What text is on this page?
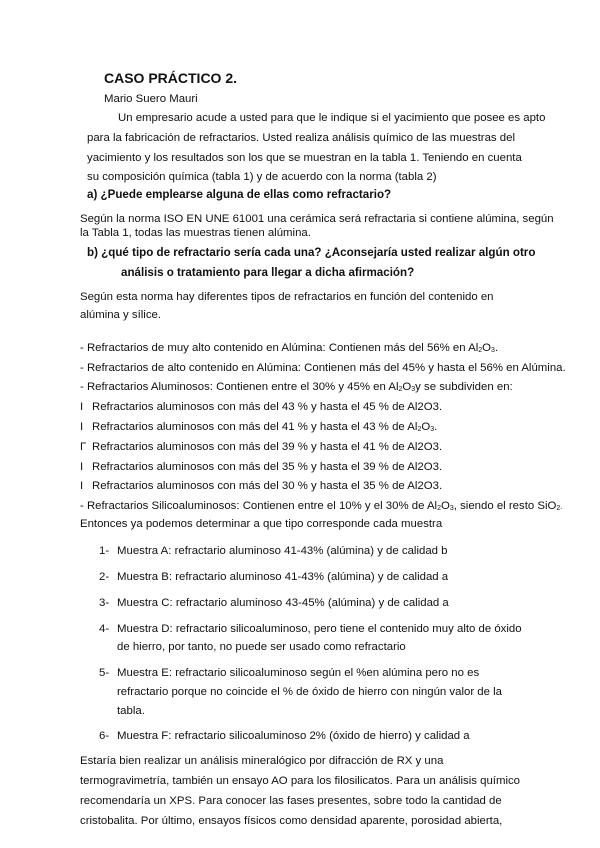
CASO PRÁCTICO 2.
Mario Suero Mauri
Un empresario acude a usted para que le indique si el yacimiento que posee es apto
para la fabricación de refractarios. Usted realiza análisis químico de las muestras del
yacimiento y los resultados son los que se muestran en la tabla 1. Teniendo en cuenta
su composición química (tabla 1) y de acuerdo con la norma (tabla 2)
a) ¿Puede emplearse alguna de ellas como refractario?
Según la norma ISO EN UNE 61001 una cerámica será refractaria si contiene alúmina, según
la Tabla 1, todas las muestras tienen alúmina.
b) ¿qué tipo de refractario sería cada una? ¿Aconsejaría usted realizar algún otro
análisis o tratamiento para llegar a dicha afirmación?
Según esta norma hay diferentes tipos de refractarios en función del contenido en
alúmina y sílice.
- Refractarios de muy alto contenido en Alúmina: Contienen más del 56% en $Al_2O_3$.
- Refractarios de alto contenido en Alúmina: Contienen más del 45% y hasta el 56% en Alúmina.
- Refractarios Aluminosos: Contienen entre el 30% y 45% en $Al_2O_3y$ se subdividen en:
I Refractarios aluminosos con más del 43 % y hasta el 45 % de Al2O3.
I Refractarios aluminosos con más del 41 % y hasta el 43 % de $Al_2O_3$.
Γ Refractarios aluminosos con más del 39 % y hasta el 41 % de Al2O3.
I Refractarios aluminosos con más del 35 % y hasta el 39 % de Al2O3.
I Refractarios aluminosos con más del 30 % y hasta el 35 % de Al2O3.
- Refractarios Silicoaluminosos: Contienen entre el 10% y el 30% de $Al_2O_3$, siendo el resto SiO$_2$.
Entonces ya podemos determinar a que tipo corresponde cada muestra
1- Muestra A: refractario aluminoso 41-43% (alúmina) y de calidad b
2- Muestra B: refractario aluminoso 41-43% (alúmina) y de calidad a
3- Muestra C: refractario aluminoso 43-45% (alúmina) y de calidad a
4- Muestra D: refractario silicoaluminoso, pero tiene el contenido muy alto de óxido
de hierro, por tanto, no puede ser usado como refractario
5- Muestra E: refractario silicoaluminoso según el %en alúmina pero no es
refractario porque no coincide el % de óxido de hierro con ningún valor de la
tabla.
6- Muestra F: refractario silicoaluminoso 2% (óxido de hierro) y calidad a
Estaría bien realizar un análisis mineralógico por difracción de RX y una
termogravimetría, también un ensayo AO para los filosilicatos. Para un análisis químico
recomendaría un XPS. Para conocer las fases presentes, sobre todo la cantidad de
cristobalita. Por último, ensayos físicos como densidad aparente, porosidad abierta,
